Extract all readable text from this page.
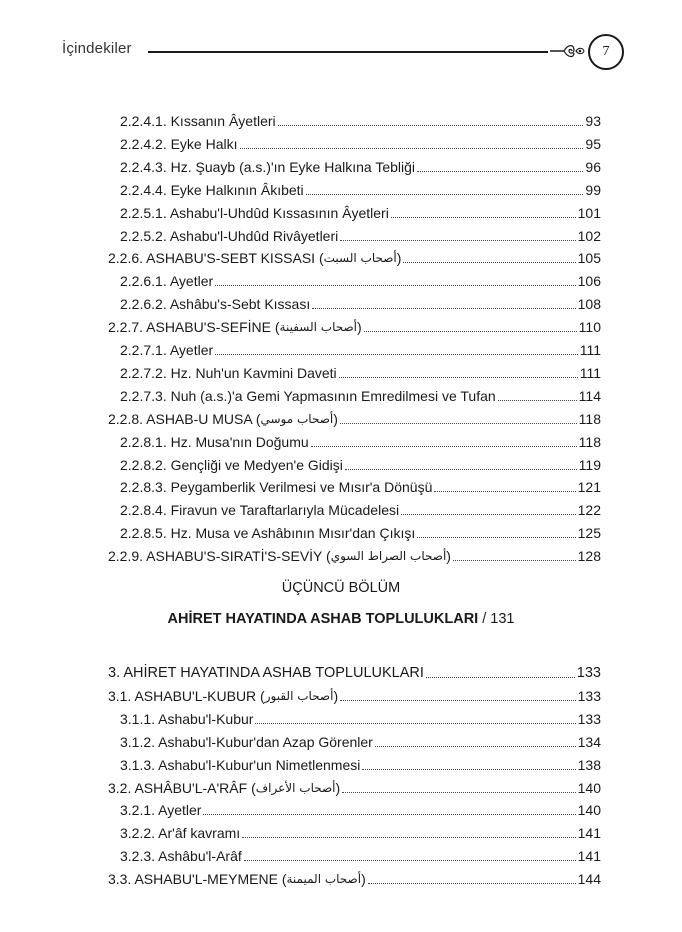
İçindekiler	7
2.2.4.1. Kıssanın Âyetleri	93
2.2.4.2. Eyke Halkı	95
2.2.4.3. Hz. Şuayb (a.s.)'ın Eyke Halkına Tebliği	96
2.2.4.4. Eyke Halkının Âkıbeti	99
2.2.5.1. Ashabu'l-Uhdûd Kıssasının Âyetleri	101
2.2.5.2. Ashabu'l-Uhdûd Rivâyetleri	102
2.2.6. ASHABU'S-SEBT KISSASI ( أصحاب السبت )	105
2.2.6.1. Ayetler	106
2.2.6.2. Ashâbu's-Sebt Kıssası	108
2.2.7. ASHABU'S-SEFİNE ( أصحاب السفينة )	110
2.2.7.1. Ayetler	111
2.2.7.2. Hz. Nuh'un Kavmini Daveti	111
2.2.7.3. Nuh (a.s.)'a Gemi Yapmasının Emredilmesi ve Tufan	114
2.2.8. ASHAB-U MUSA ( أصحاب موسي )	118
2.2.8.1. Hz. Musa'nın Doğumu	118
2.2.8.2. Gençliği ve Medyen'e Gidişi	119
2.2.8.3. Peygamberlik Verilmesi ve Mısır'a Dönüşü	121
2.2.8.4. Firavun ve Taraftarlarıyla Mücadelesi	122
2.2.8.5. Hz. Musa ve Ashâbının Mısır'dan Çıkışı	125
2.2.9. ASHABU'S-SIRATİ'S-SEVİY ( أصحاب الصراط السوي )	128
ÜÇÜNCÜ BÖLÜM
AHİRET HAYATINDA ASHAB TOPLULUKLARI / 131
3. AHİRET HAYATINDA ASHAB TOPLULUKLARI	133
3.1. ASHABU'L-KUBUR ( أصحاب القبور )	133
3.1.1. Ashabu'l-Kubur	133
3.1.2. Ashabu'l-Kubur'dan Azap Görenler	134
3.1.3. Ashabu'l-Kubur'un Nimetlenmesi	138
3.2. ASHÂBU'L-A'RÂF ( أصحاب الأعراف )	140
3.2.1. Ayetler	140
3.2.2. Ar'âf kavramı	141
3.2.3. Ashâbu'l-Arâf	141
3.3. ASHABU'L-MEYMENE ( أصحاب الميمنة )	144
